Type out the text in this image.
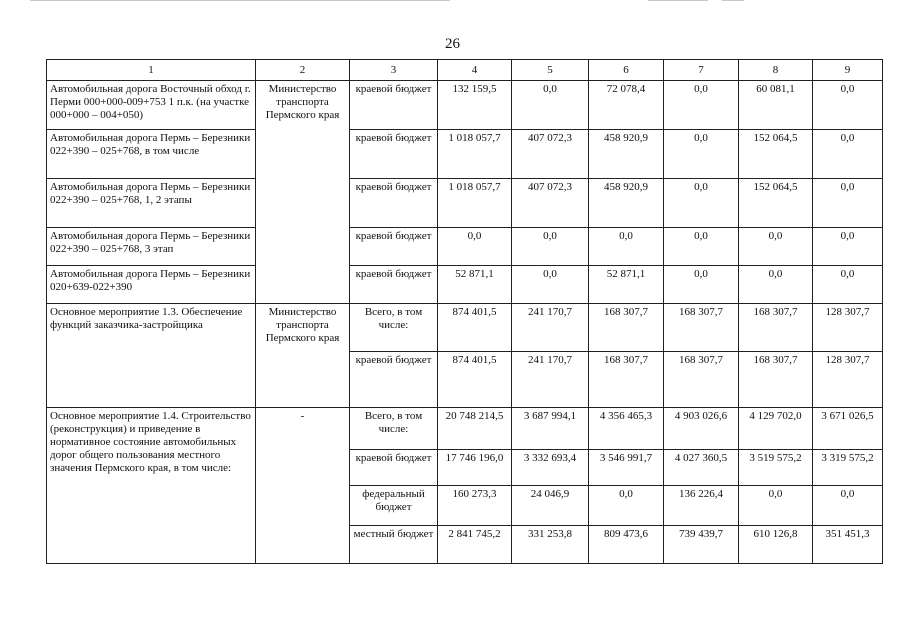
26
1	2	3	4	5	6	7	8	9
Автомобильная дорога Восточный обход г. Перми 000+000-009+753 1 п.к. (на участке 000+000 – 004+050)	Министерство транспорта Пермского края	краевой бюджет	132 159,5	0,0	72 078,4	0,0	60 081,1	0,0
Автомобильная дорога Пермь – Березники 022+390 – 025+768, в том числе		краевой бюджет	1 018 057,7	407 072,3	458 920,9	0,0	152 064,5	0,0
Автомобильная дорога Пермь – Березники 022+390 – 025+768, 1, 2 этапы		краевой бюджет	1 018 057,7	407 072,3	458 920,9	0,0	152 064,5	0,0
Автомобильная дорога Пермь – Березники 022+390 – 025+768, 3 этап		краевой бюджет	0,0	0,0	0,0	0,0	0,0	0,0
Автомобильная дорога Пермь – Березники 020+639-022+390		краевой бюджет	52 871,1	0,0	52 871,1	0,0	0,0	0,0
Основное мероприятие 1.3. Обеспечение функций заказчика-застройщика	Министерство транспорта Пермского края	Всего, в том числе:	874 401,5	241 170,7	168 307,7	168 307,7	168 307,7	128 307,7
		краевой бюджет	874 401,5	241 170,7	168 307,7	168 307,7	168 307,7	128 307,7
Основное мероприятие 1.4. Строительство (реконструкция) и приведение в нормативное состояние автомобильных дорог общего пользования местного значения Пермского края, в том числе:	-	Всего, в том числе:	20 748 214,5	3 687 994,1	4 356 465,3	4 903 026,6	4 129 702,0	3 671 026,5
		краевой бюджет	17 746 196,0	3 332 693,4	3 546 991,7	4 027 360,5	3 519 575,2	3 319 575,2
		федеральный бюджет	160 273,3	24 046,9	0,0	136 226,4	0,0	0,0
		местный бюджет	2 841 745,2	331 253,8	809 473,6	739 439,7	610 126,8	351 451,3
